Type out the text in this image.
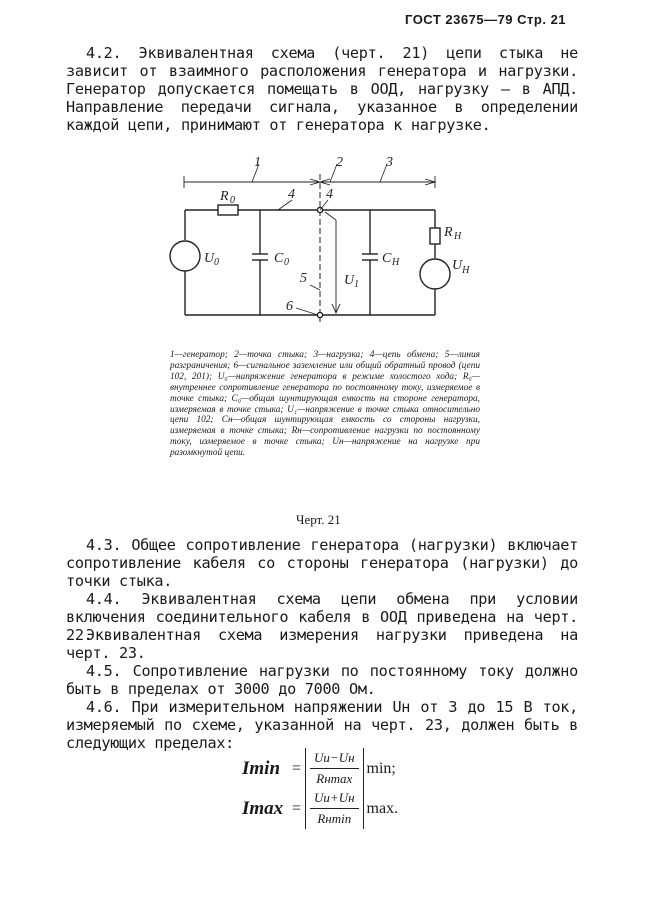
ГОСТ 23675—79 Стр. 21
4.2. Эквивалентная схема (черт. 21) цепи стыка не зависит от взаимного расположения генератора и нагрузки. Генератор допускается помещать в ООД, нагрузку — в АПД. Направление передачи сигнала, указанное в определении каждой цепи, принимают от генератора к нагрузке.
1	2	3
4 4
5
6
R 0
U 0	C 0
U 1
C Н
R Н
$U_Н$
1—генератор; 2—точка стыка; 3—нагрузка; 4—цепь обмена; 5—линия разграничения; 6—сигнальное заземление или общий обратный провод (цепи 102, 201); U₀—напряжение генератора в режиме холостого хода; R₀—внутреннее сопротивление генератора по постоянному току, измеряемое в точке стыка; C₀—общая шунтирующая емкость на стороне генератора, измеряемая в точке стыка; U₁—напряжение в точке стыка относительно цепи 102; Cн—общая шунтирующая емкость со стороны нагрузки, измеряемая в точке стыка; Rн—сопротивление нагрузки по постоянному току, измеряемое в точке стыка; Uн—напряжение на нагрузке при разомкнутой цепи.
Черт. 21
4.3. Общее сопротивление генератора (нагрузки) включает сопротивление кабеля со стороны генератора (нагрузки) до точки стыка.
4.4. Эквивалентная схема цепи обмена при условии включения соединительного кабеля в ООД приведена на черт. 22.
Эквивалентная схема измерения нагрузки приведена на черт. 23.
4.5. Сопротивление нагрузки по постоянному току должно быть в пределах от 3000 до 7000 Ом.
4.6. При измерительном напряжении Uн от 3 до 15 В ток, измеряемый по схеме, указанной на черт. 23, должен быть в следующих пределах:
$Imin = \frac{Uи-Uн}{Rн\max} \min$;
$Imax = \frac{Uи+Uн}{Rн\min} \max$.
